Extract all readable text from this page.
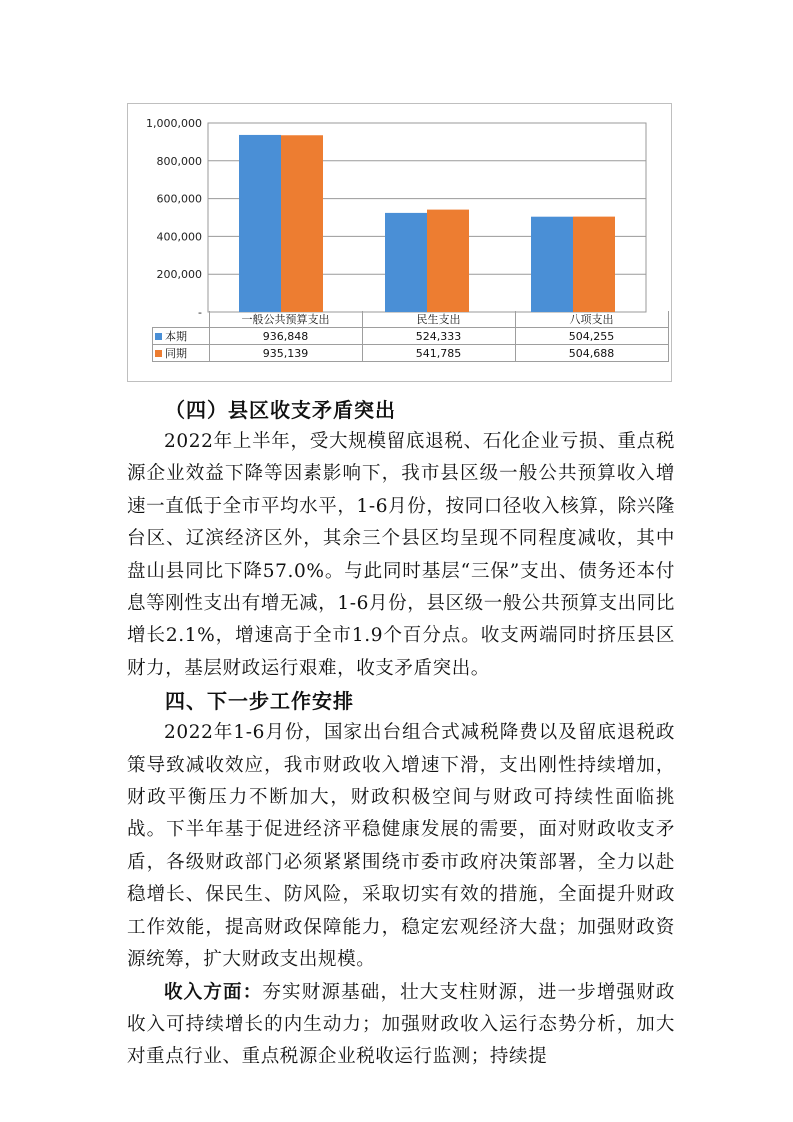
-
200,000
400,000
600,000
800,000
1,000,000
	一般公共预算支出	民生支出	八项支出
本期	936,848	524,333	504,255
同期	935,139	541,785	504,688

（四）县区收支矛盾突出

2022年上半年，受大规模留底退税、石化企业亏损、重点税源企业效益下降等因素影响下，我市县区级一般公共预算收入增速一直低于全市平均水平，1-6月份，按同口径收入核算，除兴隆台区、辽滨经济区外，其余三个县区均呈现不同程度减收，其中盘山县同比下降57.0%。与此同时基层“三保”支出、债务还本付息等刚性支出有增无减，1-6月份，县区级一般公共预算支出同比增长2.1%，增速高于全市1.9个百分点。收支两端同时挤压县区财力，基层财政运行艰难，收支矛盾突出。

四、下一步工作安排

2022年1-6月份，国家出台组合式减税降费以及留底退税政策导致减收效应，我市财政收入增速下滑，支出刚性持续增加，财政平衡压力不断加大，财政积极空间与财政可持续性面临挑战。下半年基于促进经济平稳健康发展的需要，面对财政收支矛盾，各级财政部门必须紧紧围绕市委市政府决策部署，全力以赴稳增长、保民生、防风险，采取切实有效的措施，全面提升财政工作效能，提高财政保障能力，稳定宏观经济大盘；加强财政资源统筹，扩大财政支出规模。

收入方面：夯实财源基础，壮大支柱财源，进一步增强财政收入可持续增长的内生动力；加强财政收入运行态势分析，加大对重点行业、重点税源企业税收运行监测；持续提
